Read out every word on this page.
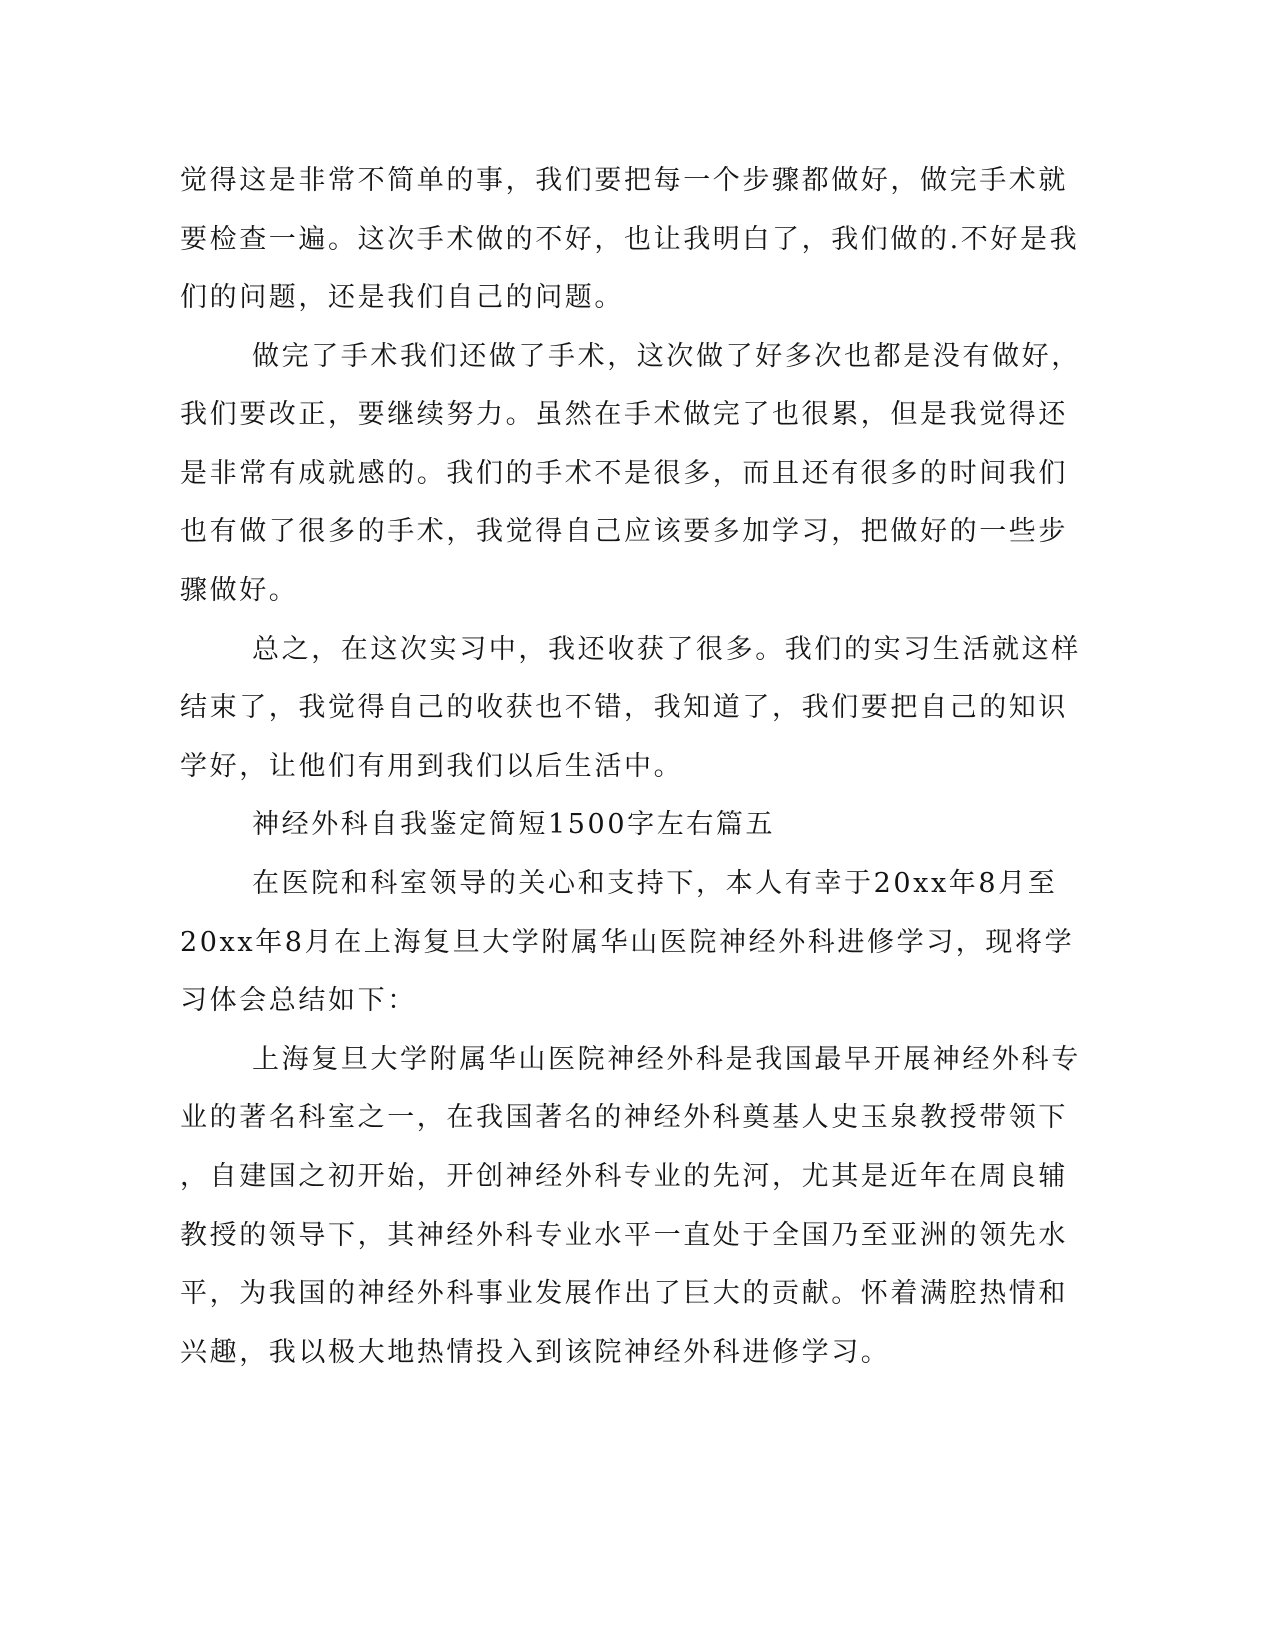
觉得这是非常不简单的事，我们要把每一个步骤都做好，做完手术就
要检查一遍。这次手术做的不好，也让我明白了，我们做的.不好是我
们的问题，还是我们自己的问题。
做完了手术我们还做了手术，这次做了好多次也都是没有做好，
我们要改正，要继续努力。虽然在手术做完了也很累，但是我觉得还
是非常有成就感的。我们的手术不是很多，而且还有很多的时间我们
也有做了很多的手术，我觉得自己应该要多加学习，把做好的一些步
骤做好。
总之，在这次实习中，我还收获了很多。我们的实习生活就这样
结束了，我觉得自己的收获也不错，我知道了，我们要把自己的知识
学好，让他们有用到我们以后生活中。
神经外科自我鉴定简短1500字左右篇五
在医院和科室领导的关心和支持下，本人有幸于20xx年8月至
20xx年8月在上海复旦大学附属华山医院神经外科进修学习，现将学
习体会总结如下：
上海复旦大学附属华山医院神经外科是我国最早开展神经外科专
业的著名科室之一，在我国著名的神经外科奠基人史玉泉教授带领下
，自建国之初开始，开创神经外科专业的先河，尤其是近年在周良辅
教授的领导下，其神经外科专业水平一直处于全国乃至亚洲的领先水
平，为我国的神经外科事业发展作出了巨大的贡献。怀着满腔热情和
兴趣，我以极大地热情投入到该院神经外科进修学习。
